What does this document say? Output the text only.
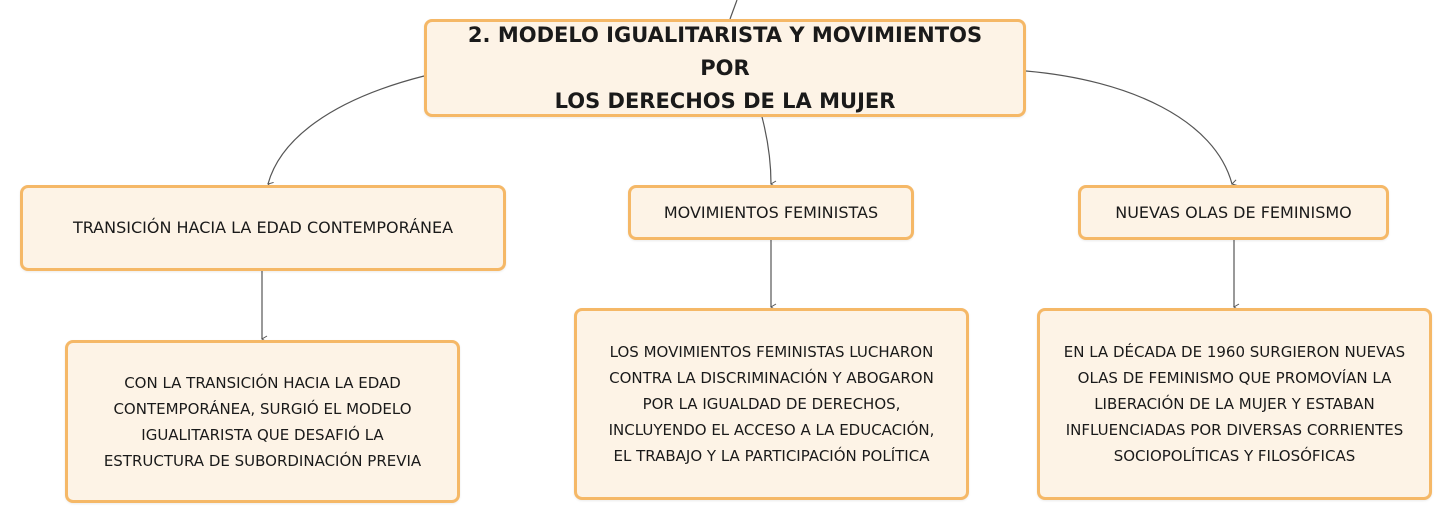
2. MODELO IGUALITARISTA Y MOVIMIENTOS POR
LOS DERECHOS DE LA MUJER
TRANSICIÓN HACIA LA EDAD CONTEMPORÁNEA
MOVIMIENTOS FEMINISTAS	NUEVAS OLAS DE FEMINISMO
CON LA TRANSICIÓN HACIA LA EDAD
CONTEMPORÁNEA, SURGIÓ EL MODELO
IGUALITARISTA QUE DESAFIÓ LA
ESTRUCTURA DE SUBORDINACIÓN PREVIA
LOS MOVIMIENTOS FEMINISTAS LUCHARON
CONTRA LA DISCRIMINACIÓN Y ABOGARON
POR LA IGUALDAD DE DERECHOS,
INCLUYENDO EL ACCESO A LA EDUCACIÓN,
EL TRABAJO Y LA PARTICIPACIÓN POLÍTICA
EN LA DÉCADA DE 1960 SURGIERON NUEVAS
OLAS DE FEMINISMO QUE PROMOVÍAN LA
LIBERACIÓN DE LA MUJER Y ESTABAN
INFLUENCIADAS POR DIVERSAS CORRIENTES
SOCIOPOLÍTICAS Y FILOSÓFICAS
